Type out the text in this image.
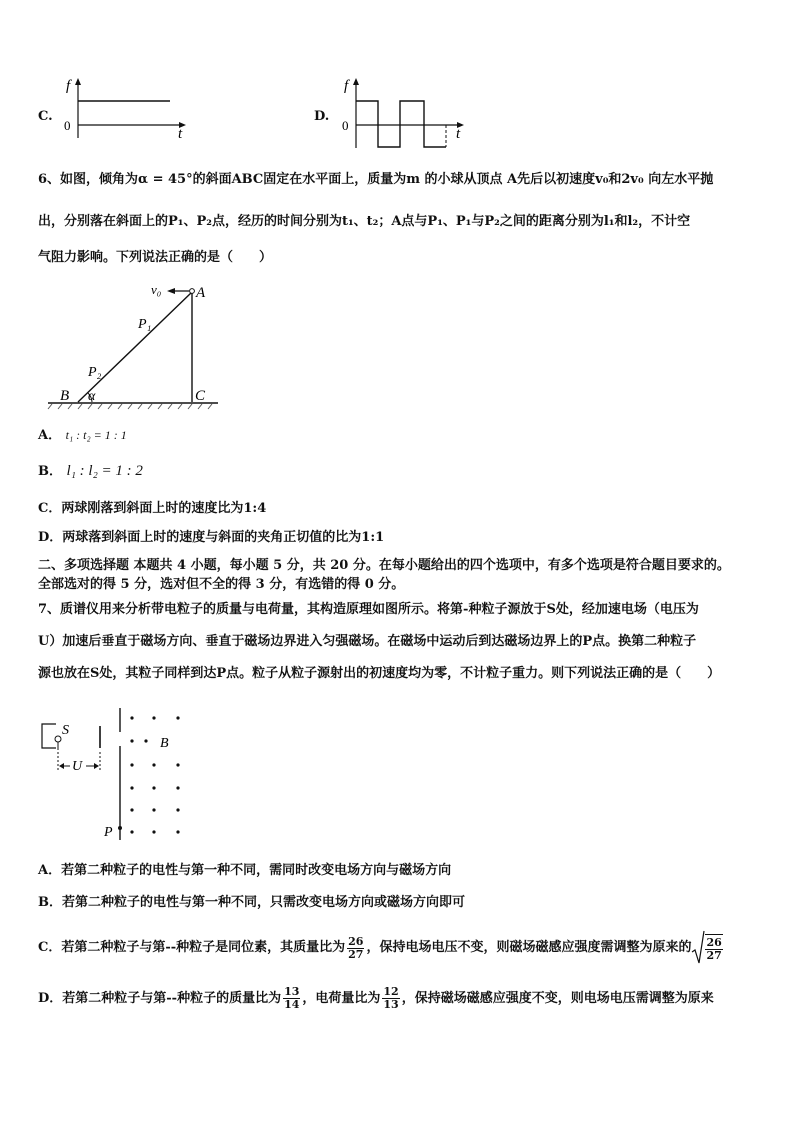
C.
f
0
t
D.
f
0
t
6、如图，倾角为α = 45°的斜面ABC固定在水平面上，质量为m 的小球从顶点 A先后以初速度v₀和2v₀ 向左水平抛
出，分别落在斜面上的P₁、P₂点，经历的时间分别为t₁、t₂；A点与P₁、P₁与P₂之间的距离分别为l₁和l₂，不计空
气阻力影响。下列说法正确的是（　　）
v₀ A
P₁
P₂
B α	C
A． t₁ : t₂ = 1 : 1
B． l₁ : l₂ = 1 : 2
C．两球刚落到斜面上时的速度比为1:4
D．两球落到斜面上时的速度与斜面的夹角正切值的比为1:1
二、多项选择题 本题共 4 小题，每小题 5 分，共 20 分。在每小题给出的四个选项中，有多个选项是符合题目要求的。
全部选对的得 5 分，选对但不全的得 3 分，有选错的得 0 分。
7、质谱仪用来分析带电粒子的质量与电荷量，其构造原理如图所示。将第-种粒子源放于S处，经加速电场（电压为
U）加速后垂直于磁场方向、垂直于磁场边界进入匀强磁场。在磁场中运动后到达磁场边界上的P点。换第二种粒子
源也放在S处，其粒子同样到达P点。粒子从粒子源射出的初速度均为零，不计粒子重力。则下列说法正确的是（　　）
S
U
B
P
A．若第二种粒子的电性与第一种不同，需同时改变电场方向与磁场方向
B．若第二种粒子的电性与第一种不同，只需改变电场方向或磁场方向即可
C．若第二种粒子与第--种粒子是同位素，其质量比为 $\frac{26}{27}$ ，保持电场电压不变，则磁场磁感应强度需调整为原来的 $\frac{26}{27}$
D．若第二种粒子与第--种粒子的质量比为 $\frac{13}{14}$ ，电荷量比为 $\frac{12}{13}$ ，保持磁场磁感应强度不变，则电场电压需调整为原来
